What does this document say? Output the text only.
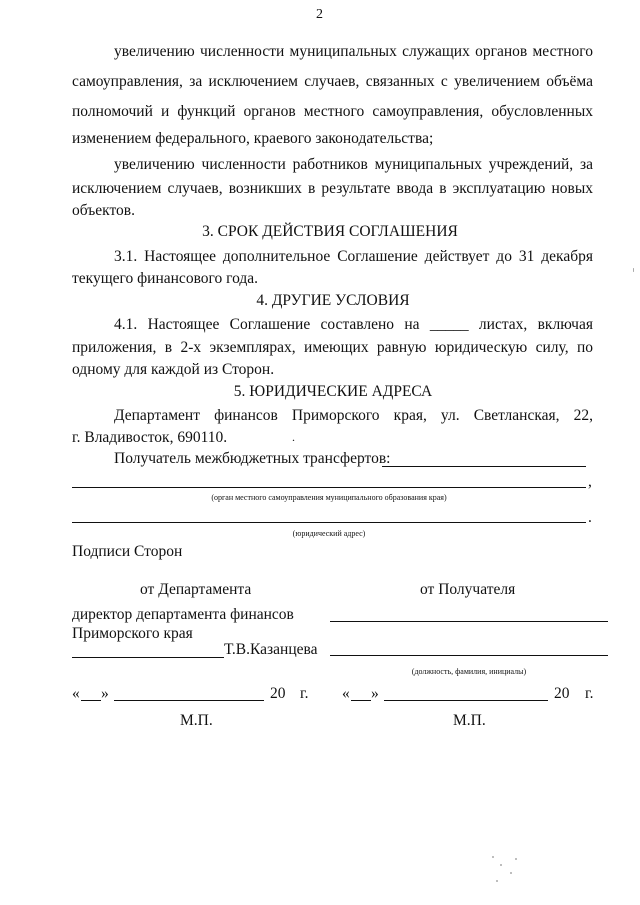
2
увеличению численности муниципальных служащих органов местного
самоуправления, за исключением случаев, связанных с увеличением объёма
полномочий и функций органов местного самоуправления, обусловленных
изменением федерального, краевого законодательства;
увеличению численности работников муниципальных учреждений, за
исключением случаев, возникших в результате ввода в эксплуатацию новых
объектов.
3. СРОК ДЕЙСТВИЯ СОГЛАШЕНИЯ
3.1. Настоящее дополнительное Соглашение действует до 31 декабря
текущего финансового года.
4. ДРУГИЕ УСЛОВИЯ
4.1. Настоящее Соглашение составлено на _____ листах, включая
приложения, в 2-х экземплярах, имеющих равную юридическую силу, по
одному для каждой из Сторон.
5. ЮРИДИЧЕСКИЕ АДРЕСА
Департамент финансов Приморского края, ул. Светланская, 22,
г. Владивосток, 690110.	.
Получатель межбюджетных трансфертов:
,
(орган местного самоуправления муниципального образования края)
.
(юридический адрес)
Подписи Сторон
от Департамента	от Получателя
директор департамента финансов
Приморского края
Т.В.Казанцева
(должность, фамилия, инициалы)
« »	20 г. « »	20 г.
М.П.	М.П.
